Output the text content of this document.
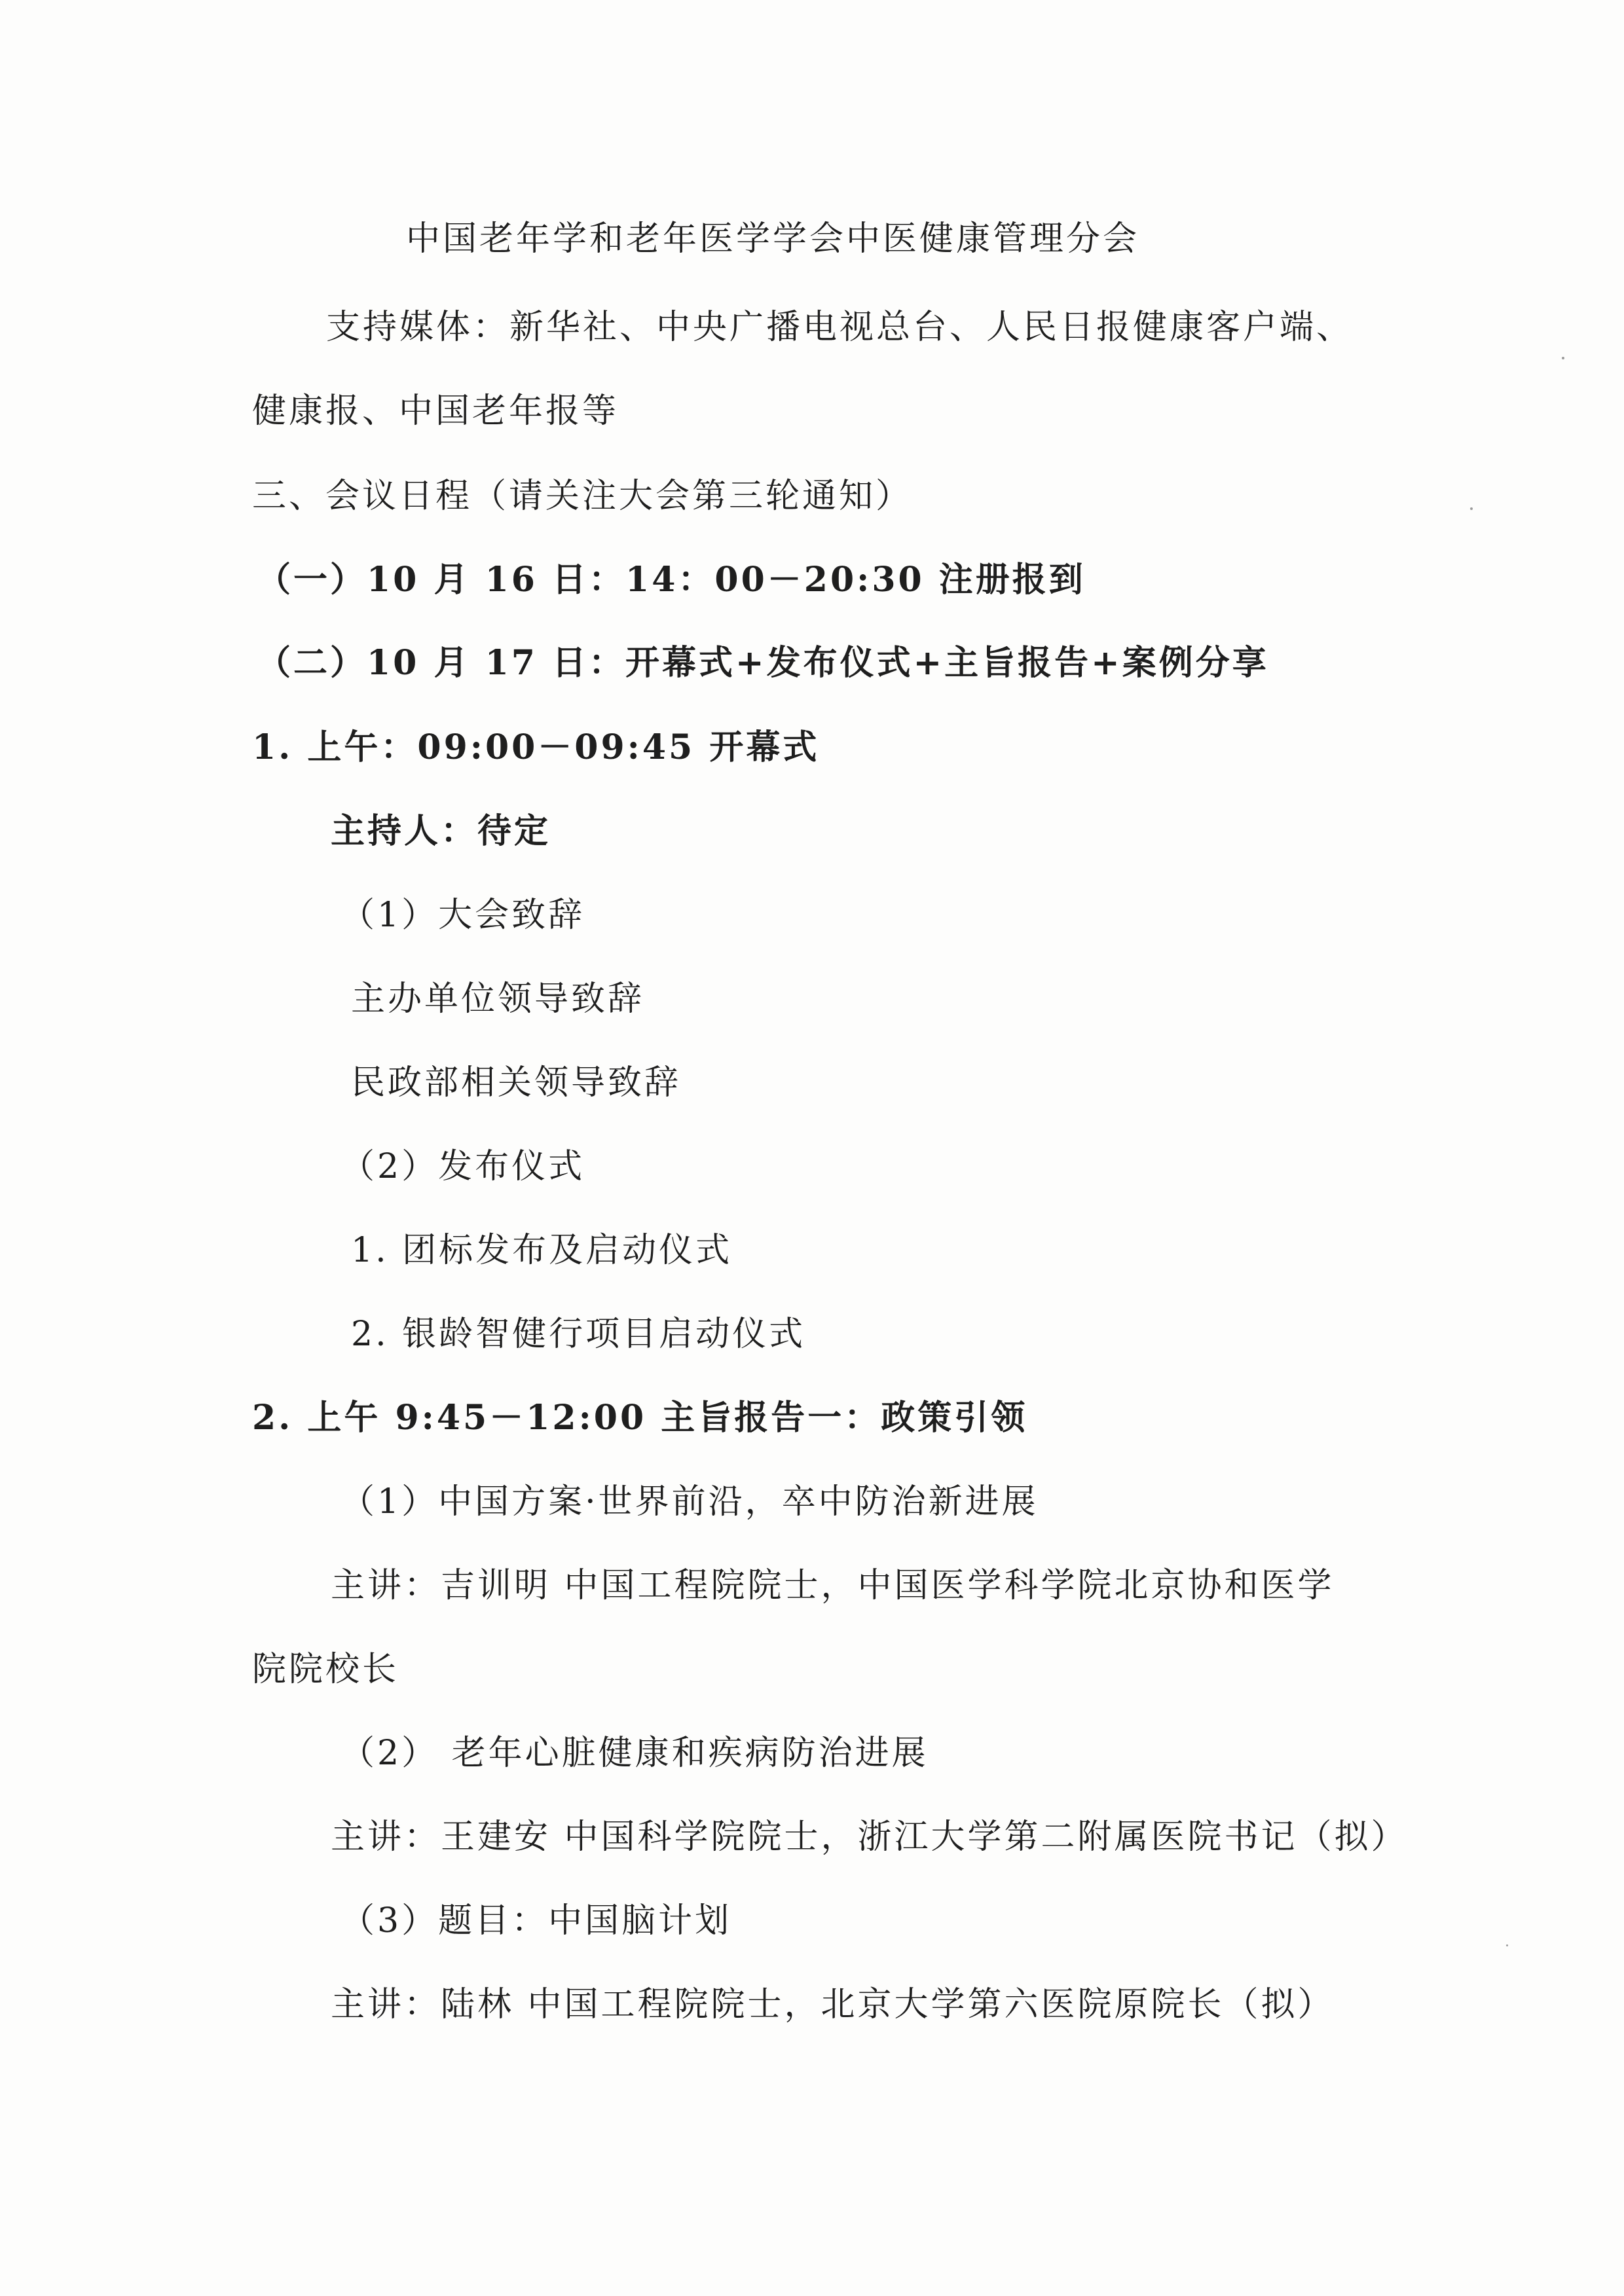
中国老年学和老年医学学会中医健康管理分会
支持媒体：新华社、中央广播电视总台、人民日报健康客户端、
健康报、中国老年报等
三、会议日程（请关注大会第三轮通知）
（一）10 月 16 日：14：00－20:30 注册报到
（二）10 月 17 日：开幕式+发布仪式+主旨报告+案例分享
1. 上午：09:00－09:45 开幕式
主持人：待定
（1）大会致辞
主办单位领导致辞
民政部相关领导致辞
（2）发布仪式
1. 团标发布及启动仪式
2. 银龄智健行项目启动仪式
2. 上午 9:45－12:00 主旨报告一：政策引领
（1）中国方案·世界前沿，卒中防治新进展
主讲：吉训明 中国工程院院士，中国医学科学院北京协和医学
院院校长
（2） 老年心脏健康和疾病防治进展
主讲：王建安 中国科学院院士，浙江大学第二附属医院书记（拟）
（3）题目：中国脑计划
主讲：陆林 中国工程院院士，北京大学第六医院原院长（拟）
